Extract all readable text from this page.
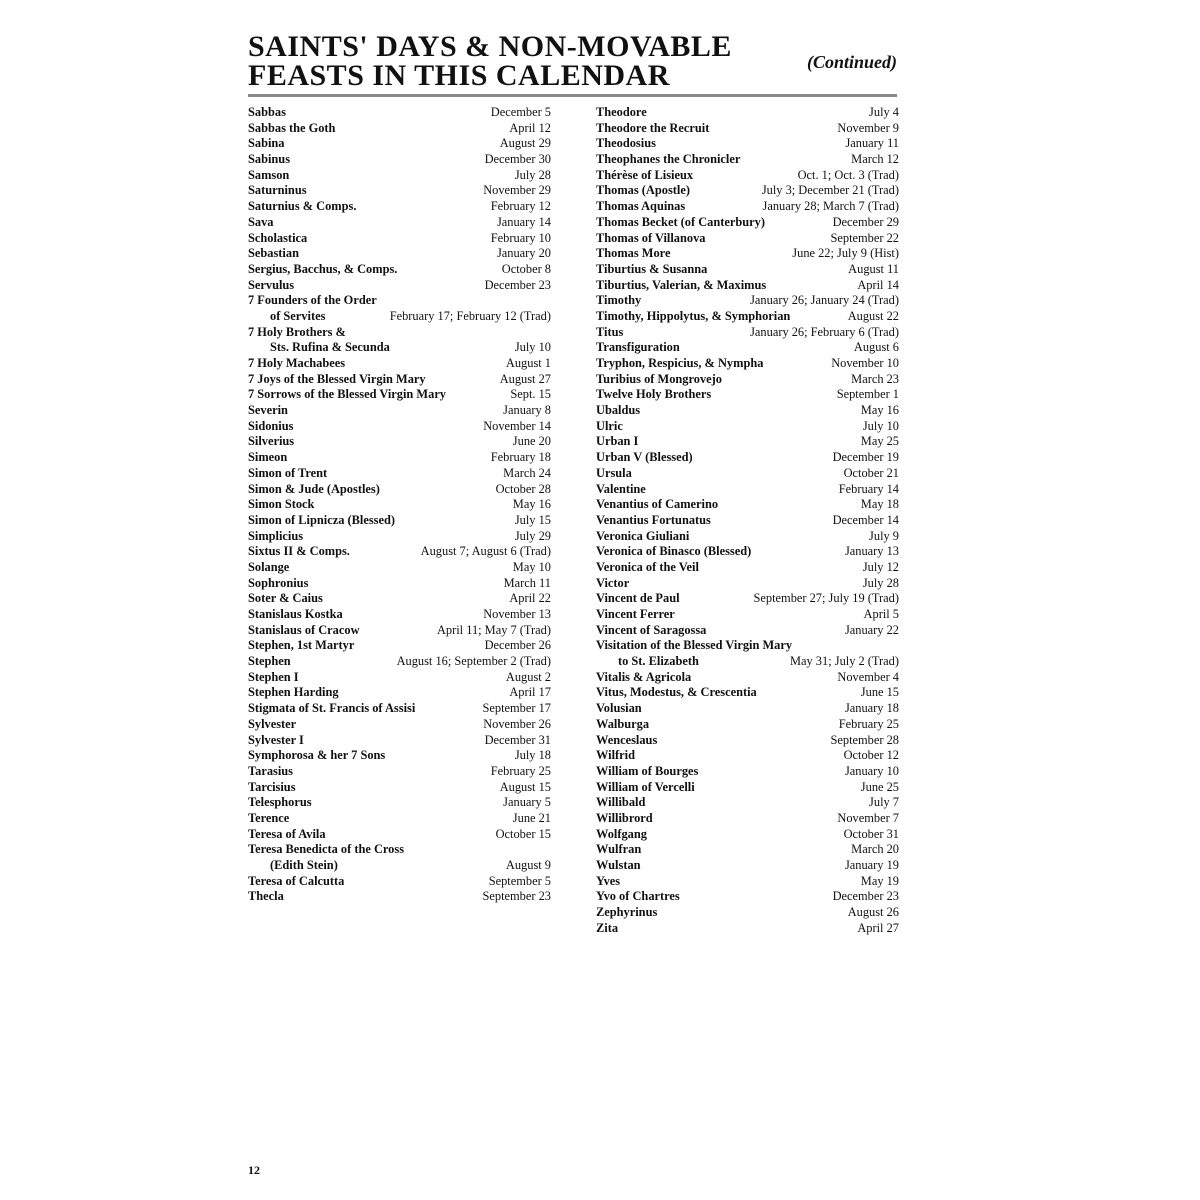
SAINTS' DAYS & NON-MOVABLE
FEASTS IN THIS CALENDAR	(Continued)
Sabbas	December 5
Sabbas the Goth	April 12
Sabina	August 29
Sabinus	December 30
Samson	July 28
Saturninus	November 29
Saturnius & Comps.	February 12
Sava	January 14
Scholastica	February 10
Sebastian	January 20
Sergius, Bacchus, & Comps.	October 8
Servulus	December 23
7 Founders of the Order
of Servites	February 17; February 12 (Trad)
7 Holy Brothers &
Sts. Rufina & Secunda	July 10
7 Holy Machabees	August 1
7 Joys of the Blessed Virgin Mary	August 27
7 Sorrows of the Blessed Virgin Mary	Sept. 15
Severin	January 8
Sidonius	November 14
Silverius	June 20
Simeon	February 18
Simon of Trent	March 24
Simon & Jude (Apostles)	October 28
Simon Stock	May 16
Simon of Lipnicza (Blessed)	July 15
Simplicius	July 29
Sixtus II & Comps.	August 7; August 6 (Trad)
Solange	May 10
Sophronius	March 11
Soter & Caius	April 22
Stanislaus Kostka	November 13
Stanislaus of Cracow	April 11; May 7 (Trad)
Stephen, 1st Martyr	December 26
Stephen	August 16; September 2 (Trad)
Stephen I	August 2
Stephen Harding	April 17
Stigmata of St. Francis of Assisi	September 17
Sylvester	November 26
Sylvester I	December 31
Symphorosa & her 7 Sons	July 18
Tarasius	February 25
Tarcisius	August 15
Telesphorus	January 5
Terence	June 21
Teresa of Avila	October 15
Teresa Benedicta of the Cross
(Edith Stein)	August 9
Teresa of Calcutta	September 5
Thecla	September 23
Theodore	July 4
Theodore the Recruit	November 9
Theodosius	January 11
Theophanes the Chronicler	March 12
Thérèse of Lisieux	Oct. 1; Oct. 3 (Trad)
Thomas (Apostle)	July 3; December 21 (Trad)
Thomas Aquinas	January 28; March 7 (Trad)
Thomas Becket (of Canterbury)	December 29
Thomas of Villanova	September 22
Thomas More	June 22; July 9 (Hist)
Tiburtius & Susanna	August 11
Tiburtius, Valerian, & Maximus	April 14
Timothy	January 26; January 24 (Trad)
Timothy, Hippolytus, & Symphorian	August 22
Titus	January 26; February 6 (Trad)
Transfiguration	August 6
Tryphon, Respicius, & Nympha	November 10
Turibius of Mongrovejo	March 23
Twelve Holy Brothers	September 1
Ubaldus	May 16
Ulric	July 10
Urban I	May 25
Urban V (Blessed)	December 19
Ursula	October 21
Valentine	February 14
Venantius of Camerino	May 18
Venantius Fortunatus	December 14
Veronica Giuliani	July 9
Veronica of Binasco (Blessed)	January 13
Veronica of the Veil	July 12
Victor	July 28
Vincent de Paul	September 27; July 19 (Trad)
Vincent Ferrer	April 5
Vincent of Saragossa	January 22
Visitation of the Blessed Virgin Mary
to St. Elizabeth	May 31; July 2 (Trad)
Vitalis & Agricola	November 4
Vitus, Modestus, & Crescentia	June 15
Volusian	January 18
Walburga	February 25
Wenceslaus	September 28
Wilfrid	October 12
William of Bourges	January 10
William of Vercelli	June 25
Willibald	July 7
Willibrord	November 7
Wolfgang	October 31
Wulfran	March 20
Wulstan	January 19
Yves	May 19
Yvo of Chartres	December 23
Zephyrinus	August 26
Zita	April 27
12
